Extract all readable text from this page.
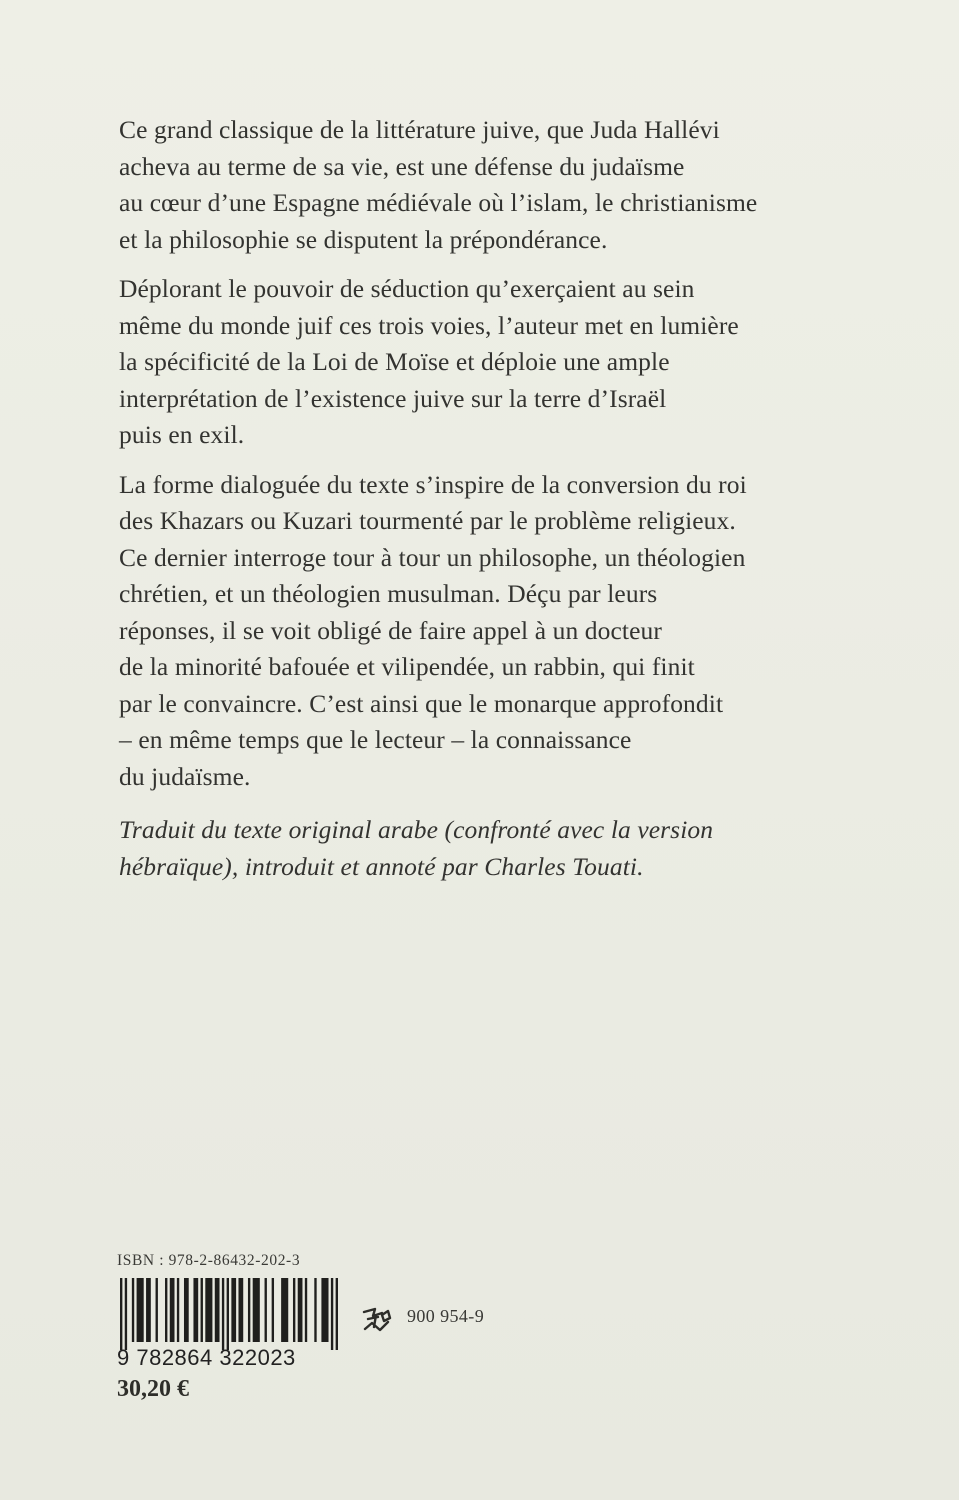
Ce grand classique de la littérature juive, que Juda Hallévi
acheva au terme de sa vie, est une défense du judaïsme
au cœur d’une Espagne médiévale où l’islam, le christianisme
et la philosophie se disputent la prépondérance.

Déplorant le pouvoir de séduction qu’exerçaient au sein
même du monde juif ces trois voies, l’auteur met en lumière
la spécificité de la Loi de Moïse et déploie une ample
interprétation de l’existence juive sur la terre d’Israël
puis en exil.

La forme dialoguée du texte s’inspire de la conversion du roi
des Khazars ou Kuzari tourmenté par le problème religieux.
Ce dernier interroge tour à tour un philosophe, un théologien
chrétien, et un théologien musulman. Déçu par leurs
réponses, il se voit obligé de faire appel à un docteur
de la minorité bafouée et vilipendée, un rabbin, qui finit
par le convaincre. C’est ainsi que le monarque approfondit
– en même temps que le lecteur – la connaissance
du judaïsme.

Traduit du texte original arabe (confronté avec la version
hébraïque), introduit et annoté par Charles Touati.
ISBN : 978-2-86432-202-3
9 782864 322023
30,20 €
900 954-9
